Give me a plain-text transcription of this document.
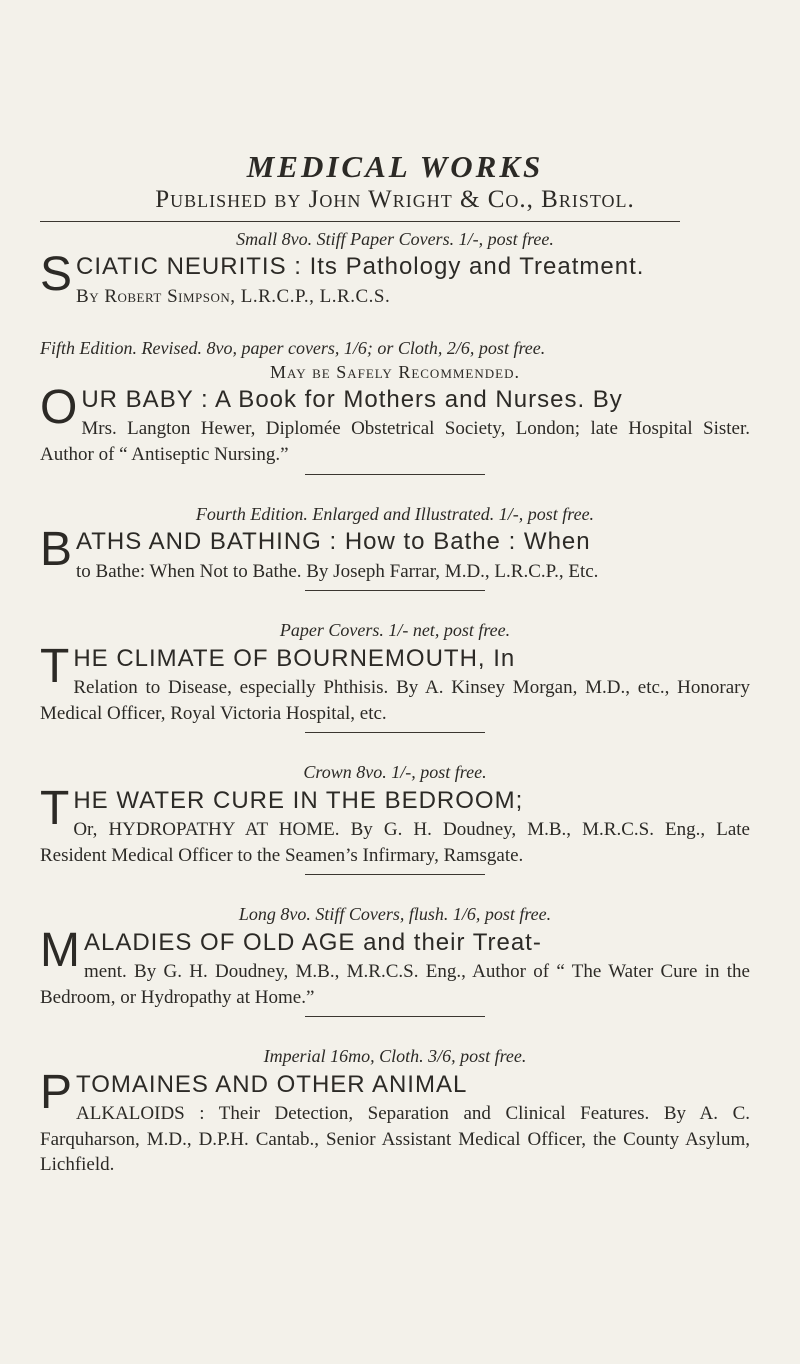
MEDICAL WORKS

Published by John Wright & Co., Bristol.

Small 8vo. Stiff Paper Covers. 1/-, post free.

S CIATIC NEURITIS : Its Pathology and Treatment.
By Robert Simpson, L.R.C.P., L.R.C.S.

Fifth Edition. Revised. 8vo, paper covers, 1/6; or Cloth, 2/6, post free.

May be Safely Recommended.

O UR BABY : A Book for Mothers and Nurses. By
Mrs. Langton Hewer, Diplomée Obstetrical Society, London; late Hospital Sister. Author of “ Antiseptic Nursing.”

Fourth Edition. Enlarged and Illustrated. 1/-, post free.

B ATHS AND BATHING : How to Bathe : When
to Bathe: When Not to Bathe. By Joseph Farrar, M.D., L.R.C.P., Etc.

Paper Covers. 1/- net, post free.

T HE CLIMATE OF BOURNEMOUTH, In
Relation to Disease, especially Phthisis. By A. Kinsey Morgan, M.D., etc., Honorary Medical Officer, Royal Victoria Hospital, etc.

Crown 8vo. 1/-, post free.

T HE WATER CURE IN THE BEDROOM;
Or, HYDROPATHY AT HOME. By G. H. Doudney, M.B., M.R.C.S. Eng., Late Resident Medical Officer to the Seamen’s Infirmary, Ramsgate.

Long 8vo. Stiff Covers, flush. 1/6, post free.

M ALADIES OF OLD AGE and their Treat-
ment. By G. H. Doudney, M.B., M.R.C.S. Eng., Author of “ The Water Cure in the Bedroom, or Hydropathy at Home.”

Imperial 16mo, Cloth. 3/6, post free.

P TOMAINES AND OTHER ANIMAL
ALKALOIDS : Their Detection, Separation and Clinical Features. By A. C. Farquharson, M.D., D.P.H. Cantab., Senior Assistant Medical Officer, the County Asylum, Lichfield.
